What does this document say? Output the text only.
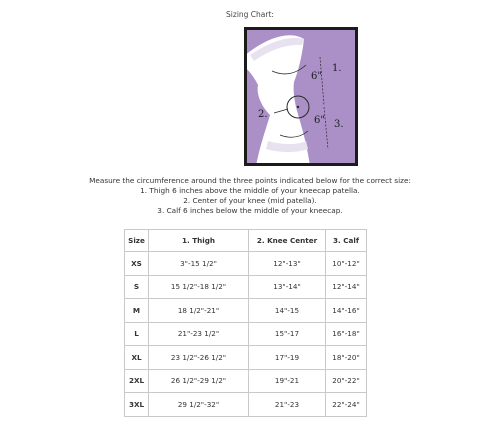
Sizing Chart:
6"
6"
1.
2.
3.
Measure the circumference around the three points indicated below for the correct size:
1. Thigh 6 inches above the middle of your kneecap patella.
2. Center of your knee (mid patella).
3. Calf 6 inches below the middle of your kneecap.
Size	1. Thigh	2. Knee Center	3. Calf
XS	3"-15 1/2"	12"-13"	10"-12"
S	15 1/2"-18 1/2"	13"-14"	12"-14"
M	18 1/2"-21"	14"-15	14"-16"
L	21"-23 1/2"	15"-17	16"-18"
XL	23 1/2"-26 1/2"	17"-19	18"-20"
2XL	26 1/2"-29 1/2"	19"-21	20"-22"
3XL	29 1/2"-32"	21"-23	22"-24"
